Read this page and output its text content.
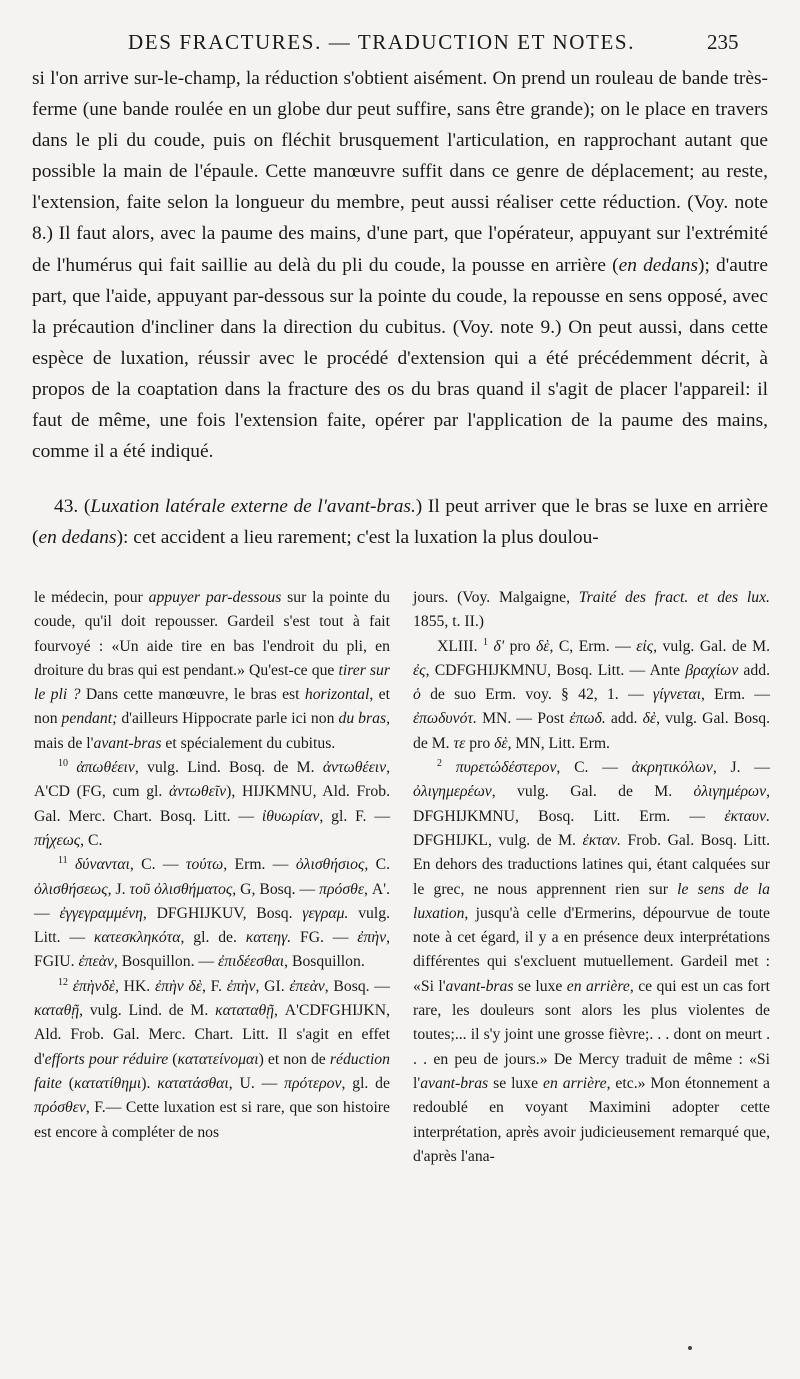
DES FRACTURES. — TRADUCTION ET NOTES.	235

si l'on arrive sur-le-champ, la réduction s'obtient aisément. On prend un rouleau de bande très-ferme (une bande roulée en un globe dur peut suffire, sans être grande); on le place en travers dans le pli du coude, puis on fléchit brusquement l'articulation, en rapprochant autant que possible la main de l'épaule. Cette manœuvre suffit dans ce genre de déplacement; au reste, l'extension, faite selon la longueur du membre, peut aussi réaliser cette réduction. (Voy. note 8.) Il faut alors, avec la paume des mains, d'une part, que l'opérateur, appuyant sur l'extrémité de l'humérus qui fait saillie au delà du pli du coude, la pousse en arrière (en dedans); d'autre part, que l'aide, appuyant par-dessous sur la pointe du coude, la repousse en sens opposé, avec la précaution d'incliner dans la direction du cubitus. (Voy. note 9.) On peut aussi, dans cette espèce de luxation, réussir avec le procédé d'extension qui a été précédemment décrit, à propos de la coaptation dans la fracture des os du bras quand il s'agit de placer l'appareil: il faut de même, une fois l'extension faite, opérer par l'application de la paume des mains, comme il a été indiqué.

43. (Luxation latérale externe de l'avant-bras.) Il peut arriver que le bras se luxe en arrière (en dedans): cet accident a lieu rarement; c'est la luxation la plus doulou-

le médecin, pour appuyer par-dessous sur la pointe du coude, qu'il doit repousser. Gardeil s'est tout à fait fourvoyé : «Un aide tire en bas l'endroit du pli, en droiture du bras qui est pendant.» Qu'est-ce que tirer sur le pli ? Dans cette manœuvre, le bras est horizontal, et non pendant; d'ailleurs Hippocrate parle ici non du bras, mais de l'avant-bras et spécialement du cubitus.

$^{10}$ ἀπωθέειν, vulg. Lind. Bosq. de M. ἀντωθέειν, A'CD (FG, cum gl. ἀντωθεῖν), HIJKMNU, Ald. Frob. Gal. Merc. Chart. Bosq. Litt. — ἰθυωρίαν, gl. F. — πήχεως, C.

$^{11}$ δύνανται, C. — τούτω, Erm. — ὀλισθήσιος, C. ὀλισθήσεως, J. τοῦ ὀλισθήματος, G, Bosq. — πρόσθε, A'. — ἐγγεγραμμένη, DFGHIJKUV, Bosq. γεγραμ. vulg. Litt. — κατεσκληκότα, gl. de. κατεηγ. FG. — ἐπὴν, FGIU. ἐπεὰν, Bosquillon. — ἐπιδέεσθαι, Bosquillon.

$^{12}$ ἐπὴνδὲ, HK. ἐπὴν δὲ, F. ἐπὴν, GI. ἐπεὰν, Bosq. — καταθῇ, vulg. Lind. de M. καταταθῇ, A'CDFGHIJKN, Ald. Frob. Gal. Merc. Chart. Litt. Il s'agit en effet d'efforts pour réduire (κατατείνομαι) et non de réduction faite (κατατίθημι). κατατάσθαι, U. — πρότερον, gl. de πρόσθεν, F.— Cette luxation est si rare, que son histoire est encore à compléter de nos

jours. (Voy. Malgaigne, Traité des fract. et des lux. 1855, t. II.)

XLIII. $^1$ δ' pro δὲ, C, Erm. — εἰς, vulg. Gal. de M. ἐς, CDFGHIJKMNU, Bosq. Litt. — Ante βραχίων add. ὁ de suo Erm. voy. § 42, 1. — γίγνεται, Erm. — ἐπωδυνότ. MN. — Post ἐπωδ. add. δὲ, vulg. Gal. Bosq. de M. τε pro δὲ, MN, Litt. Erm.

$^2$ πυρετώδέστερον, C. — ἀκρητικόλων, J. — ὀλιγημερέων, vulg. Gal. de M. ὀλιγημέρων, DFGHIJKMNU, Bosq. Litt. Erm. — ἐκταυν. DFGHIJKL, vulg. de M. ἐκταν. Frob. Gal. Bosq. Litt. En dehors des traductions latines qui, étant calquées sur le grec, ne nous apprennent rien sur le sens de la luxation, jusqu'à celle d'Ermerins, dépourvue de toute note à cet égard, il y a en présence deux interprétations différentes qui s'excluent mutuellement. Gardeil met : «Si l'avant-bras se luxe en arrière, ce qui est un cas fort rare, les douleurs sont alors les plus violentes de toutes;... il s'y joint une grosse fièvre;. . . dont on meurt . . . en peu de jours.» De Mercy traduit de même : «Si l'avant-bras se luxe en arrière, etc.» Mon étonnement a redoublé en voyant Maximini adopter cette interprétation, après avoir judicieusement remarqué que, d'après l'ana-
